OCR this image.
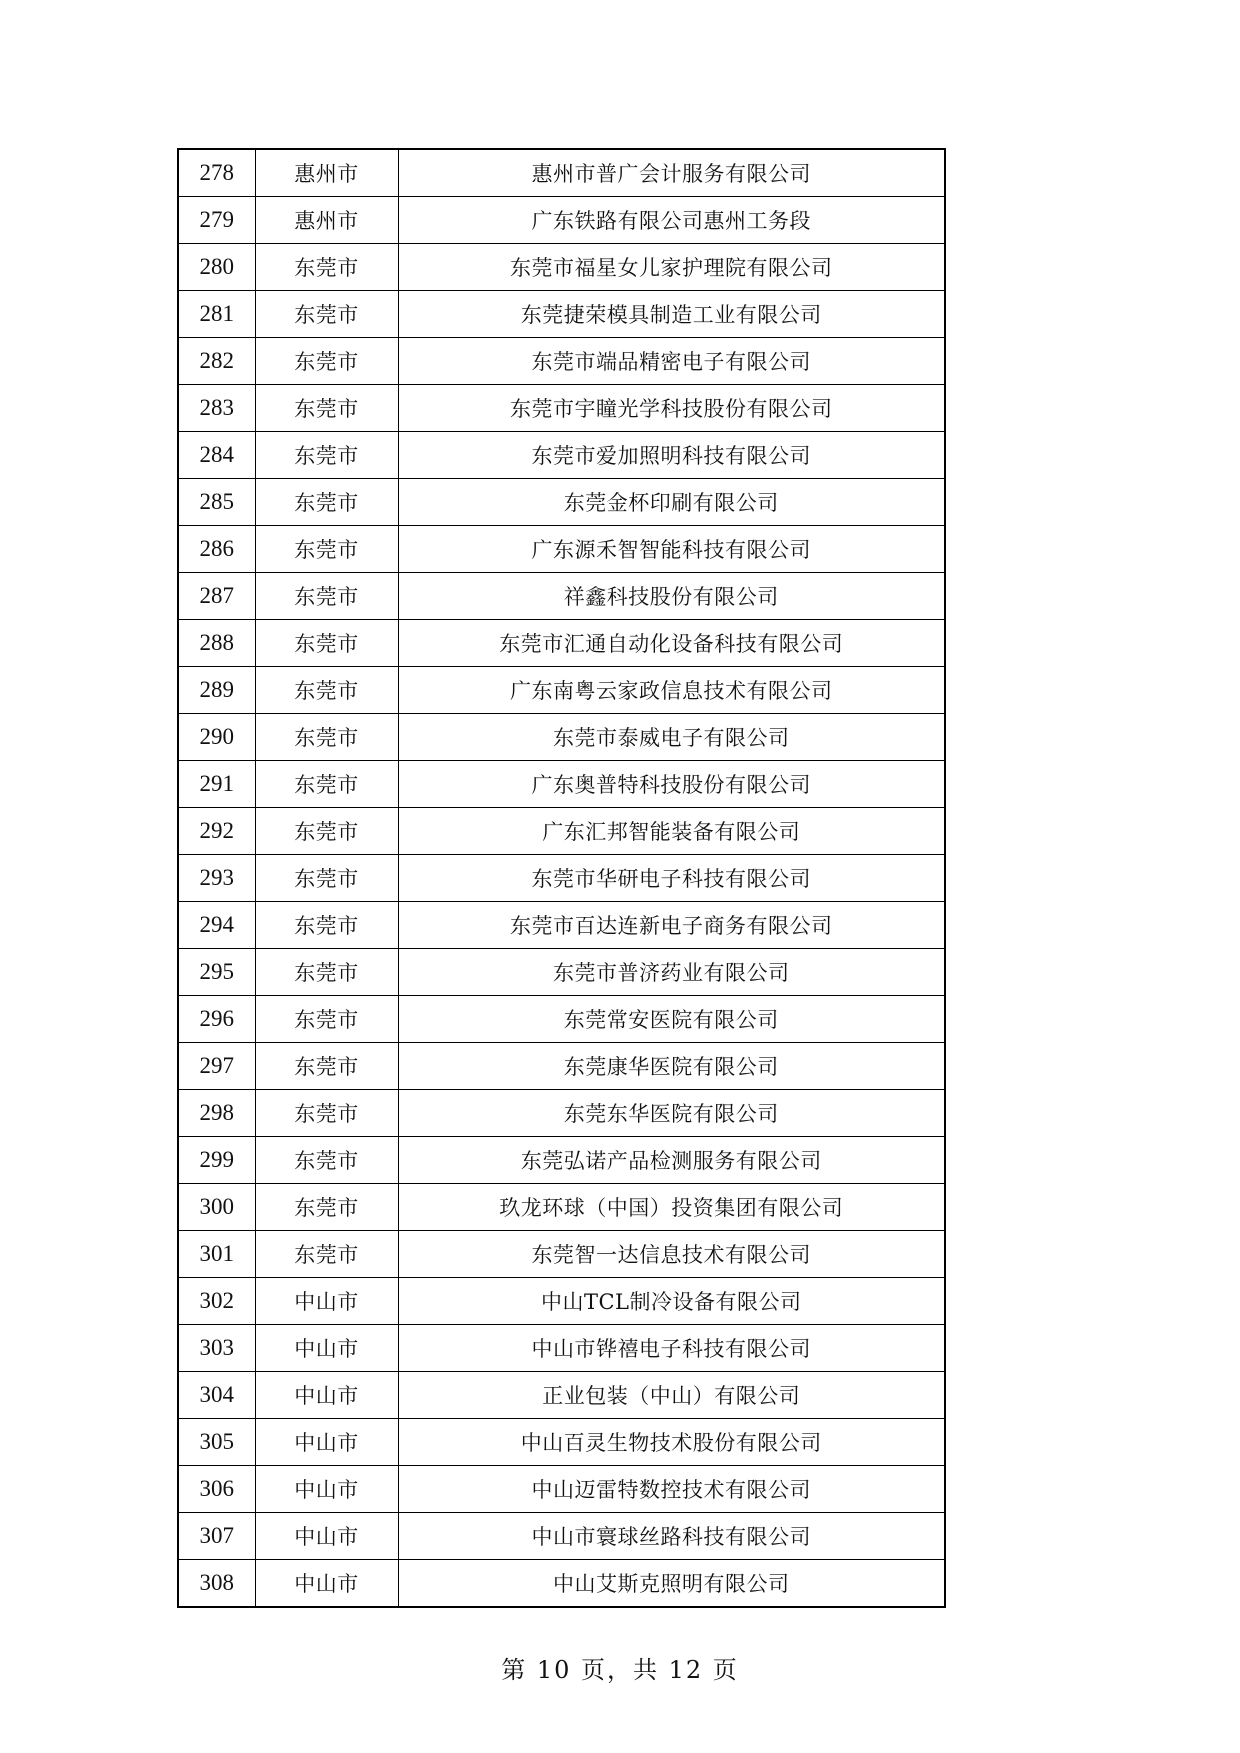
278	惠州市	惠州市普广会计服务有限公司
279	惠州市	广东铁路有限公司惠州工务段
280	东莞市	东莞市福星女儿家护理院有限公司
281	东莞市	东莞捷荣模具制造工业有限公司
282	东莞市	东莞市端品精密电子有限公司
283	东莞市	东莞市宇瞳光学科技股份有限公司
284	东莞市	东莞市爱加照明科技有限公司
285	东莞市	东莞金杯印刷有限公司
286	东莞市	广东源禾智智能科技有限公司
287	东莞市	祥鑫科技股份有限公司
288	东莞市	东莞市汇通自动化设备科技有限公司
289	东莞市	广东南粤云家政信息技术有限公司
290	东莞市	东莞市泰威电子有限公司
291	东莞市	广东奥普特科技股份有限公司
292	东莞市	广东汇邦智能装备有限公司
293	东莞市	东莞市华研电子科技有限公司
294	东莞市	东莞市百达连新电子商务有限公司
295	东莞市	东莞市普济药业有限公司
296	东莞市	东莞常安医院有限公司
297	东莞市	东莞康华医院有限公司
298	东莞市	东莞东华医院有限公司
299	东莞市	东莞弘诺产品检测服务有限公司
300	东莞市	玖龙环球（中国）投资集团有限公司
301	东莞市	东莞智一达信息技术有限公司
302	中山市	中山TCL制冷设备有限公司
303	中山市	中山市铧禧电子科技有限公司
304	中山市	正业包装（中山）有限公司
305	中山市	中山百灵生物技术股份有限公司
306	中山市	中山迈雷特数控技术有限公司
307	中山市	中山市寰球丝路科技有限公司
308	中山市	中山艾斯克照明有限公司
第 10 页，共 12 页
